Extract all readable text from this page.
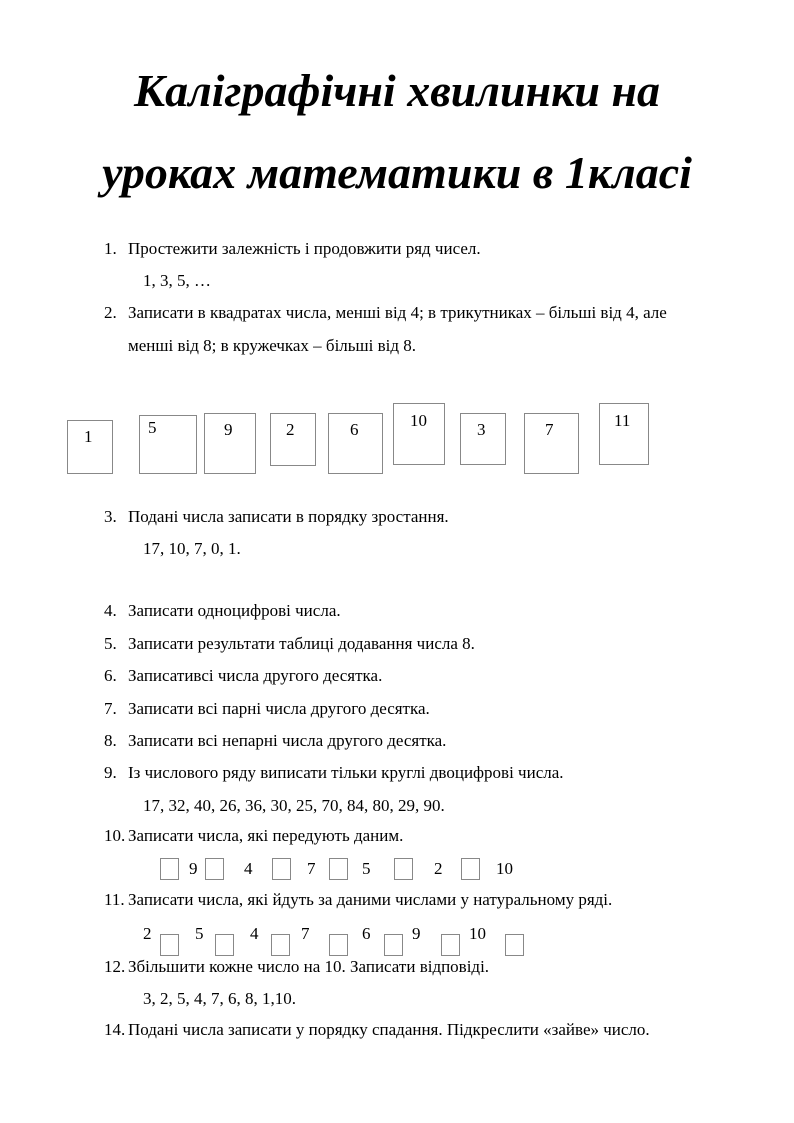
Каліграфічні хвилинки на
уроках математики в 1класі
1. Простежити залежність і продовжити ряд чисел.
1, 3, 5, …
2. Записати в квадратах числа, менші від 4; в трикутниках – більші від 4, але
менші від 8; в кружечках – більші від 8.
1	5	9	2	6	10	3	7	11
3. Подані числа записати в порядку зростання.
17, 10, 7, 0, 1.
4. Записати одноцифрові числа.
5. Записати результати таблиці додавання числа 8.
6. Записативсі числа другого десятка.
7. Записати всі парні числа другого десятка.
8. Записати всі непарні числа другого десятка.
9. Із числового ряду виписати тільки круглі двоцифрові числа.
17, 32, 40, 26, 36, 30, 25, 70, 84, 80, 29, 90.
10. Записати числа, які передують даним.
9	4	7	5	2	10
11. Записати числа, які йдуть за даними числами у натуральному ряді.
2	5	4	7	6 9	10
12. Збільшити кожне число на 10. Записати відповіді.
3, 2, 5, 4, 7, 6, 8, 1,10.
14. Подані числа записати у порядку спадання. Підкреслити «зайве» число.
